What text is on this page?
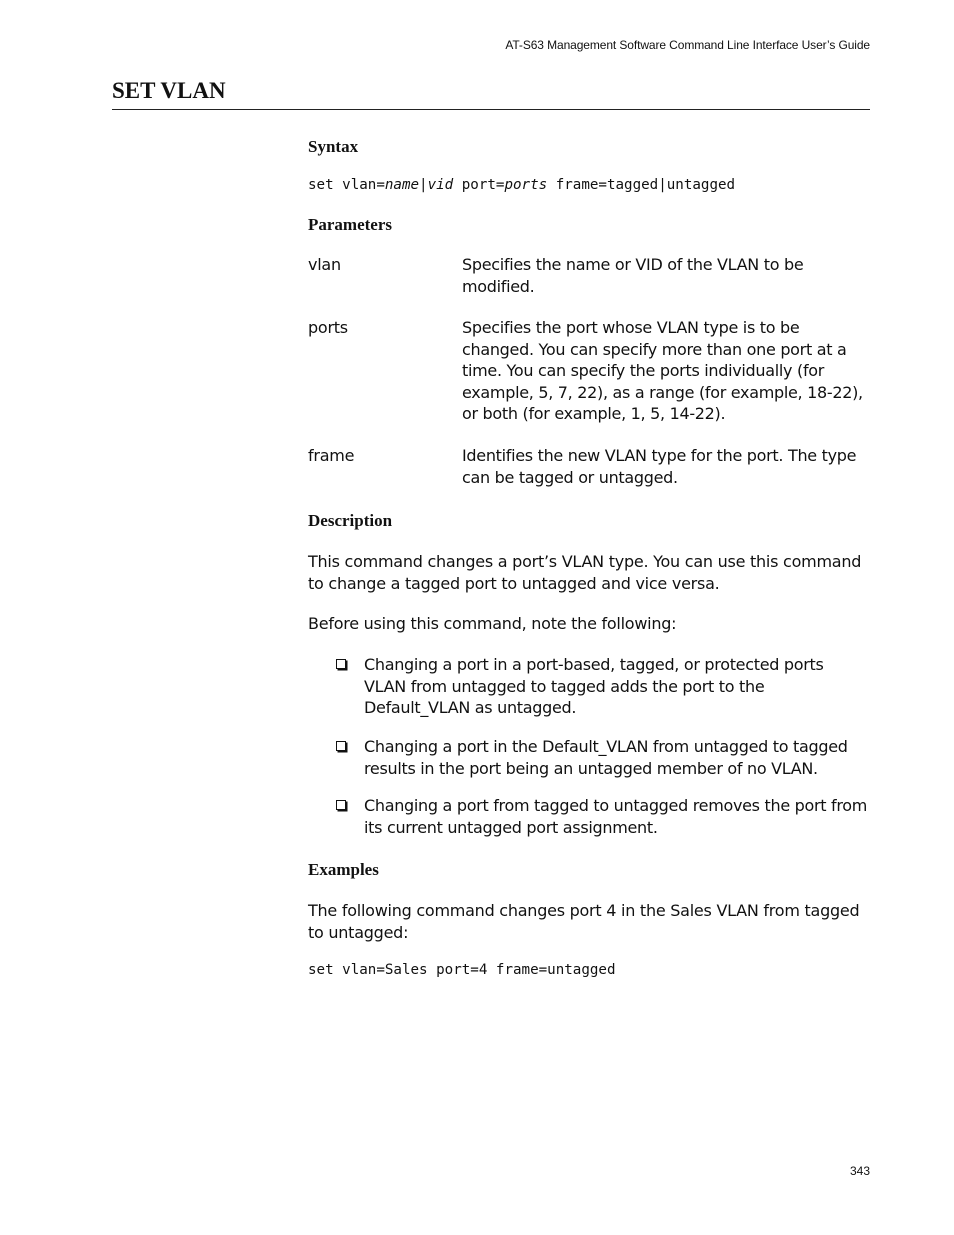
AT-S63 Management Software Command Line Interface User’s Guide
SET VLAN
Syntax
set vlan=name|vid port=ports frame=tagged|untagged
Parameters
vlan	Specifies the name or VID of the VLAN to be modified.

ports	Specifies the port whose VLAN type is to be changed. You can specify more than one port at a time. You can specify the ports individually (for example, 5, 7, 22), as a range (for example, 18-22), or both (for example, 1, 5, 14-22).

frame	Identifies the new VLAN type for the port. The type can be tagged or untagged.

Description

This command changes a port’s VLAN type. You can use this command to change a tagged port to untagged and vice versa.

Before using this command, note the following:

Changing a port in a port-based, tagged, or protected ports VLAN from untagged to tagged adds the port to the Default_VLAN as untagged.

Changing a port in the Default_VLAN from untagged to tagged results in the port being an untagged member of no VLAN.

Changing a port from tagged to untagged removes the port from its current untagged port assignment.

Examples

The following command changes port 4 in the Sales VLAN from tagged to untagged:

set vlan=Sales port=4 frame=untagged
343
